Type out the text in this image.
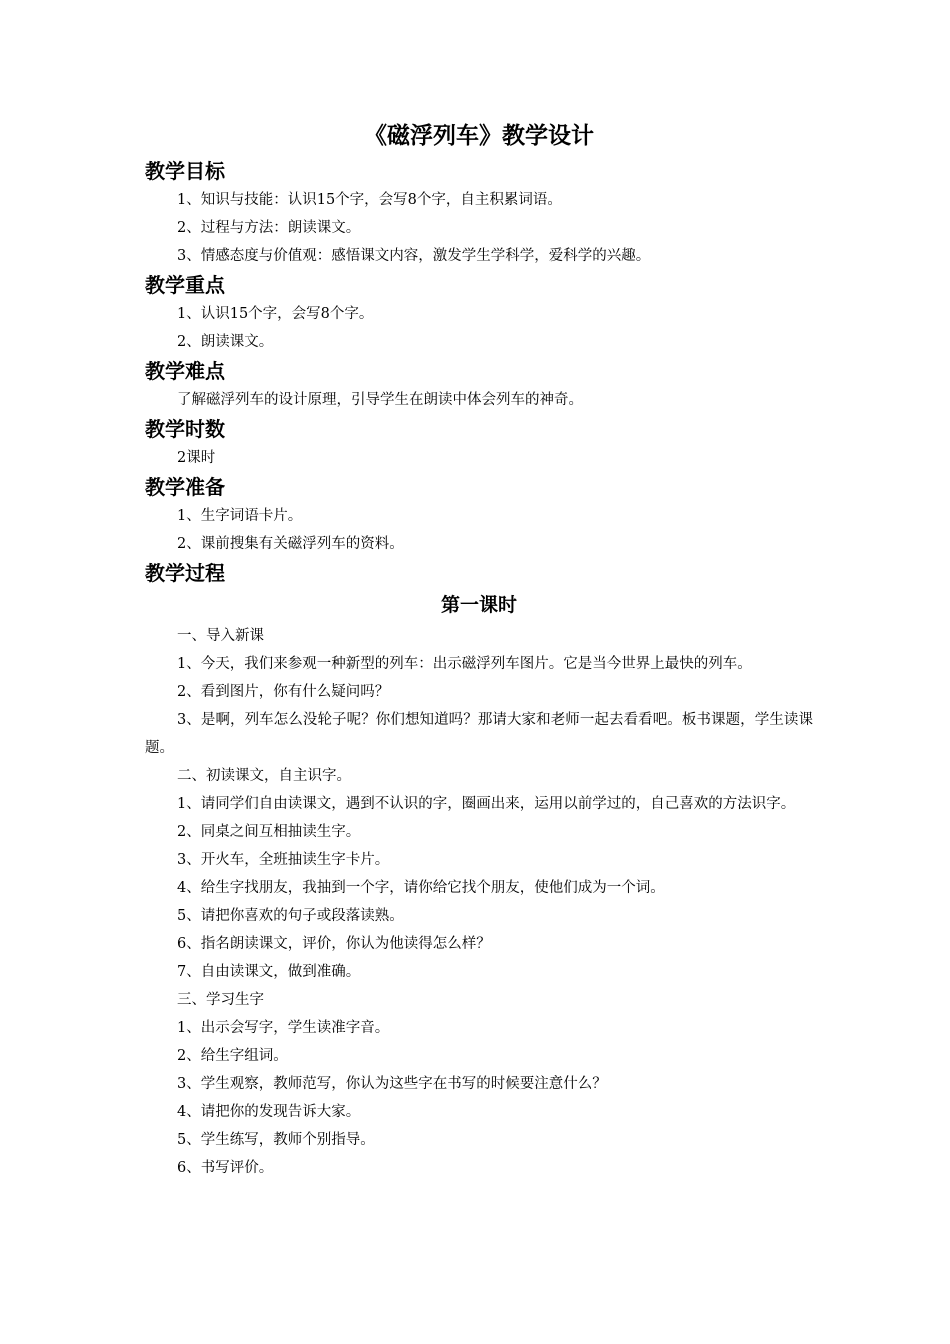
《磁浮列车》教学设计
教学目标

1、知识与技能：认识15个字，会写8个字，自主积累词语。

2、过程与方法：朗读课文。

3、情感态度与价值观：感悟课文内容，激发学生学科学，爱科学的兴趣。

教学重点

1、认识15个字，会写8个字。

2、朗读课文。

教学难点

了解磁浮列车的设计原理，引导学生在朗读中体会列车的神奇。

教学时数

2课时

教学准备

1、生字词语卡片。

2、课前搜集有关磁浮列车的资料。

教学过程
第一课时

一、导入新课

1、今天，我们来参观一种新型的列车：出示磁浮列车图片。它是当今世界上最快的列车。

2、看到图片，你有什么疑问吗？

3、是啊，列车怎么没轮子呢？你们想知道吗？那请大家和老师一起去看看吧。板书课题，学生读课题。

二、初读课文，自主识字。

1、请同学们自由读课文，遇到不认识的字，圈画出来，运用以前学过的，自己喜欢的方法识字。

2、同桌之间互相抽读生字。

3、开火车，全班抽读生字卡片。

4、给生字找朋友，我抽到一个字，请你给它找个朋友，使他们成为一个词。

5、请把你喜欢的句子或段落读熟。

6、指名朗读课文，评价，你认为他读得怎么样？

7、自由读课文，做到准确。

三、学习生字

1、出示会写字，学生读准字音。

2、给生字组词。

3、学生观察，教师范写，你认为这些字在书写的时候要注意什么？

4、请把你的发现告诉大家。

5、学生练写，教师个别指导。

6、书写评价。
